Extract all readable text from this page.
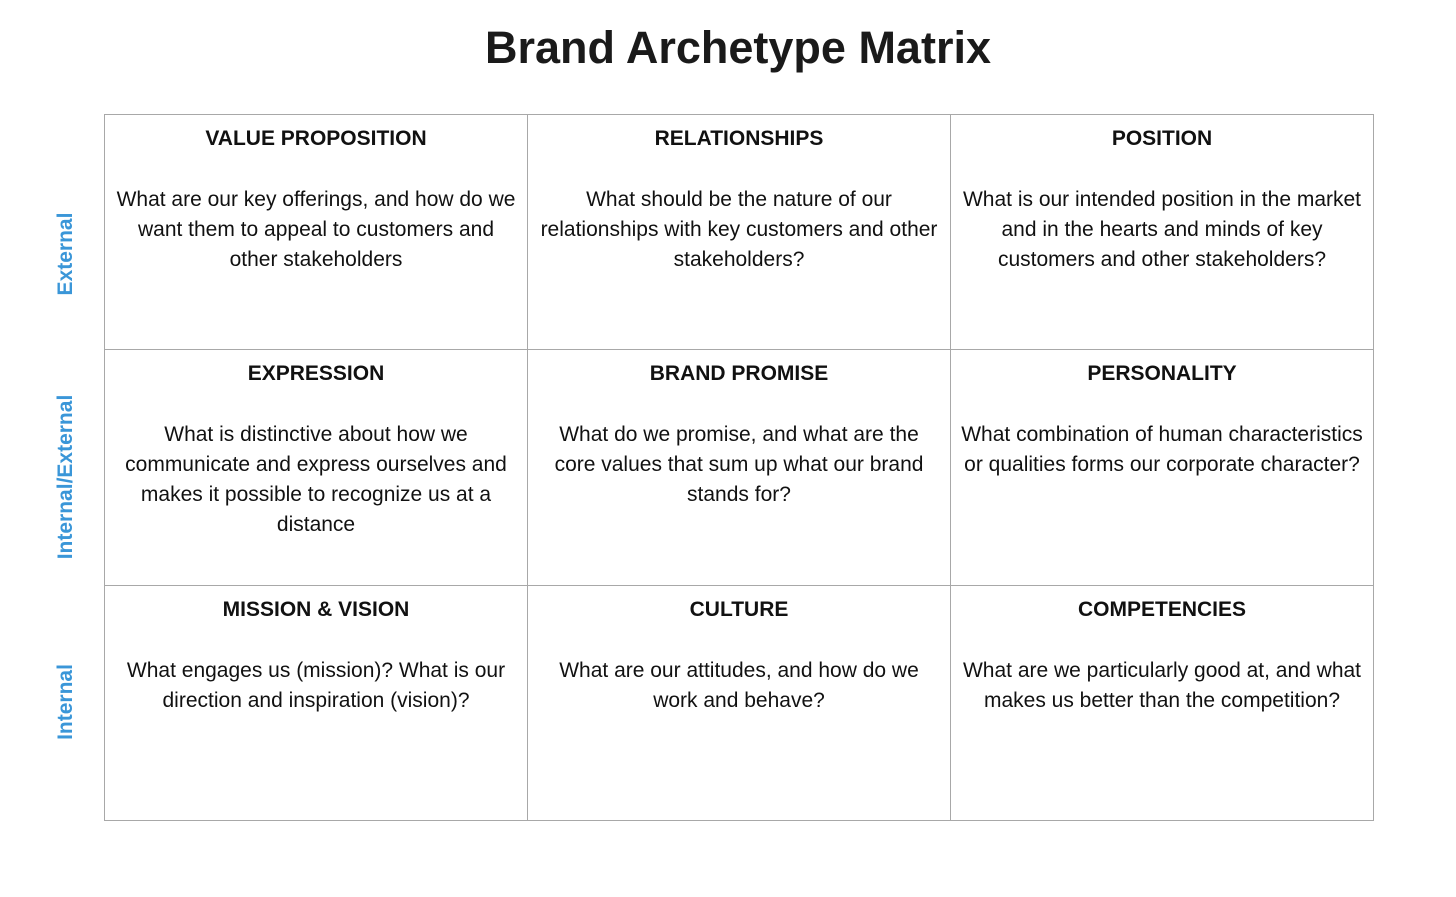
Brand Archetype Matrix
External
Internal/External
Internal
VALUE PROPOSITION
What are our key offerings, and how do we want them to appeal to customers and other stakeholders
RELATIONSHIPS
What should be the nature of our relationships with key customers and other stakeholders?
POSITION
What is our intended position in the market and in the hearts and minds of key customers and other stakeholders?
EXPRESSION
What is distinctive about how we communicate and express ourselves and makes it possible to recognize us at a distance
BRAND PROMISE
What do we promise, and what are the core values that sum up what our brand stands for?
PERSONALITY
What combination of human characteristics or qualities forms our corporate character?
MISSION & VISION
What engages us (mission)? What is our direction and inspiration (vision)?
CULTURE
What are our attitudes, and how do we work and behave?
COMPETENCIES
What are we particularly good at, and what makes us better than the competition?
